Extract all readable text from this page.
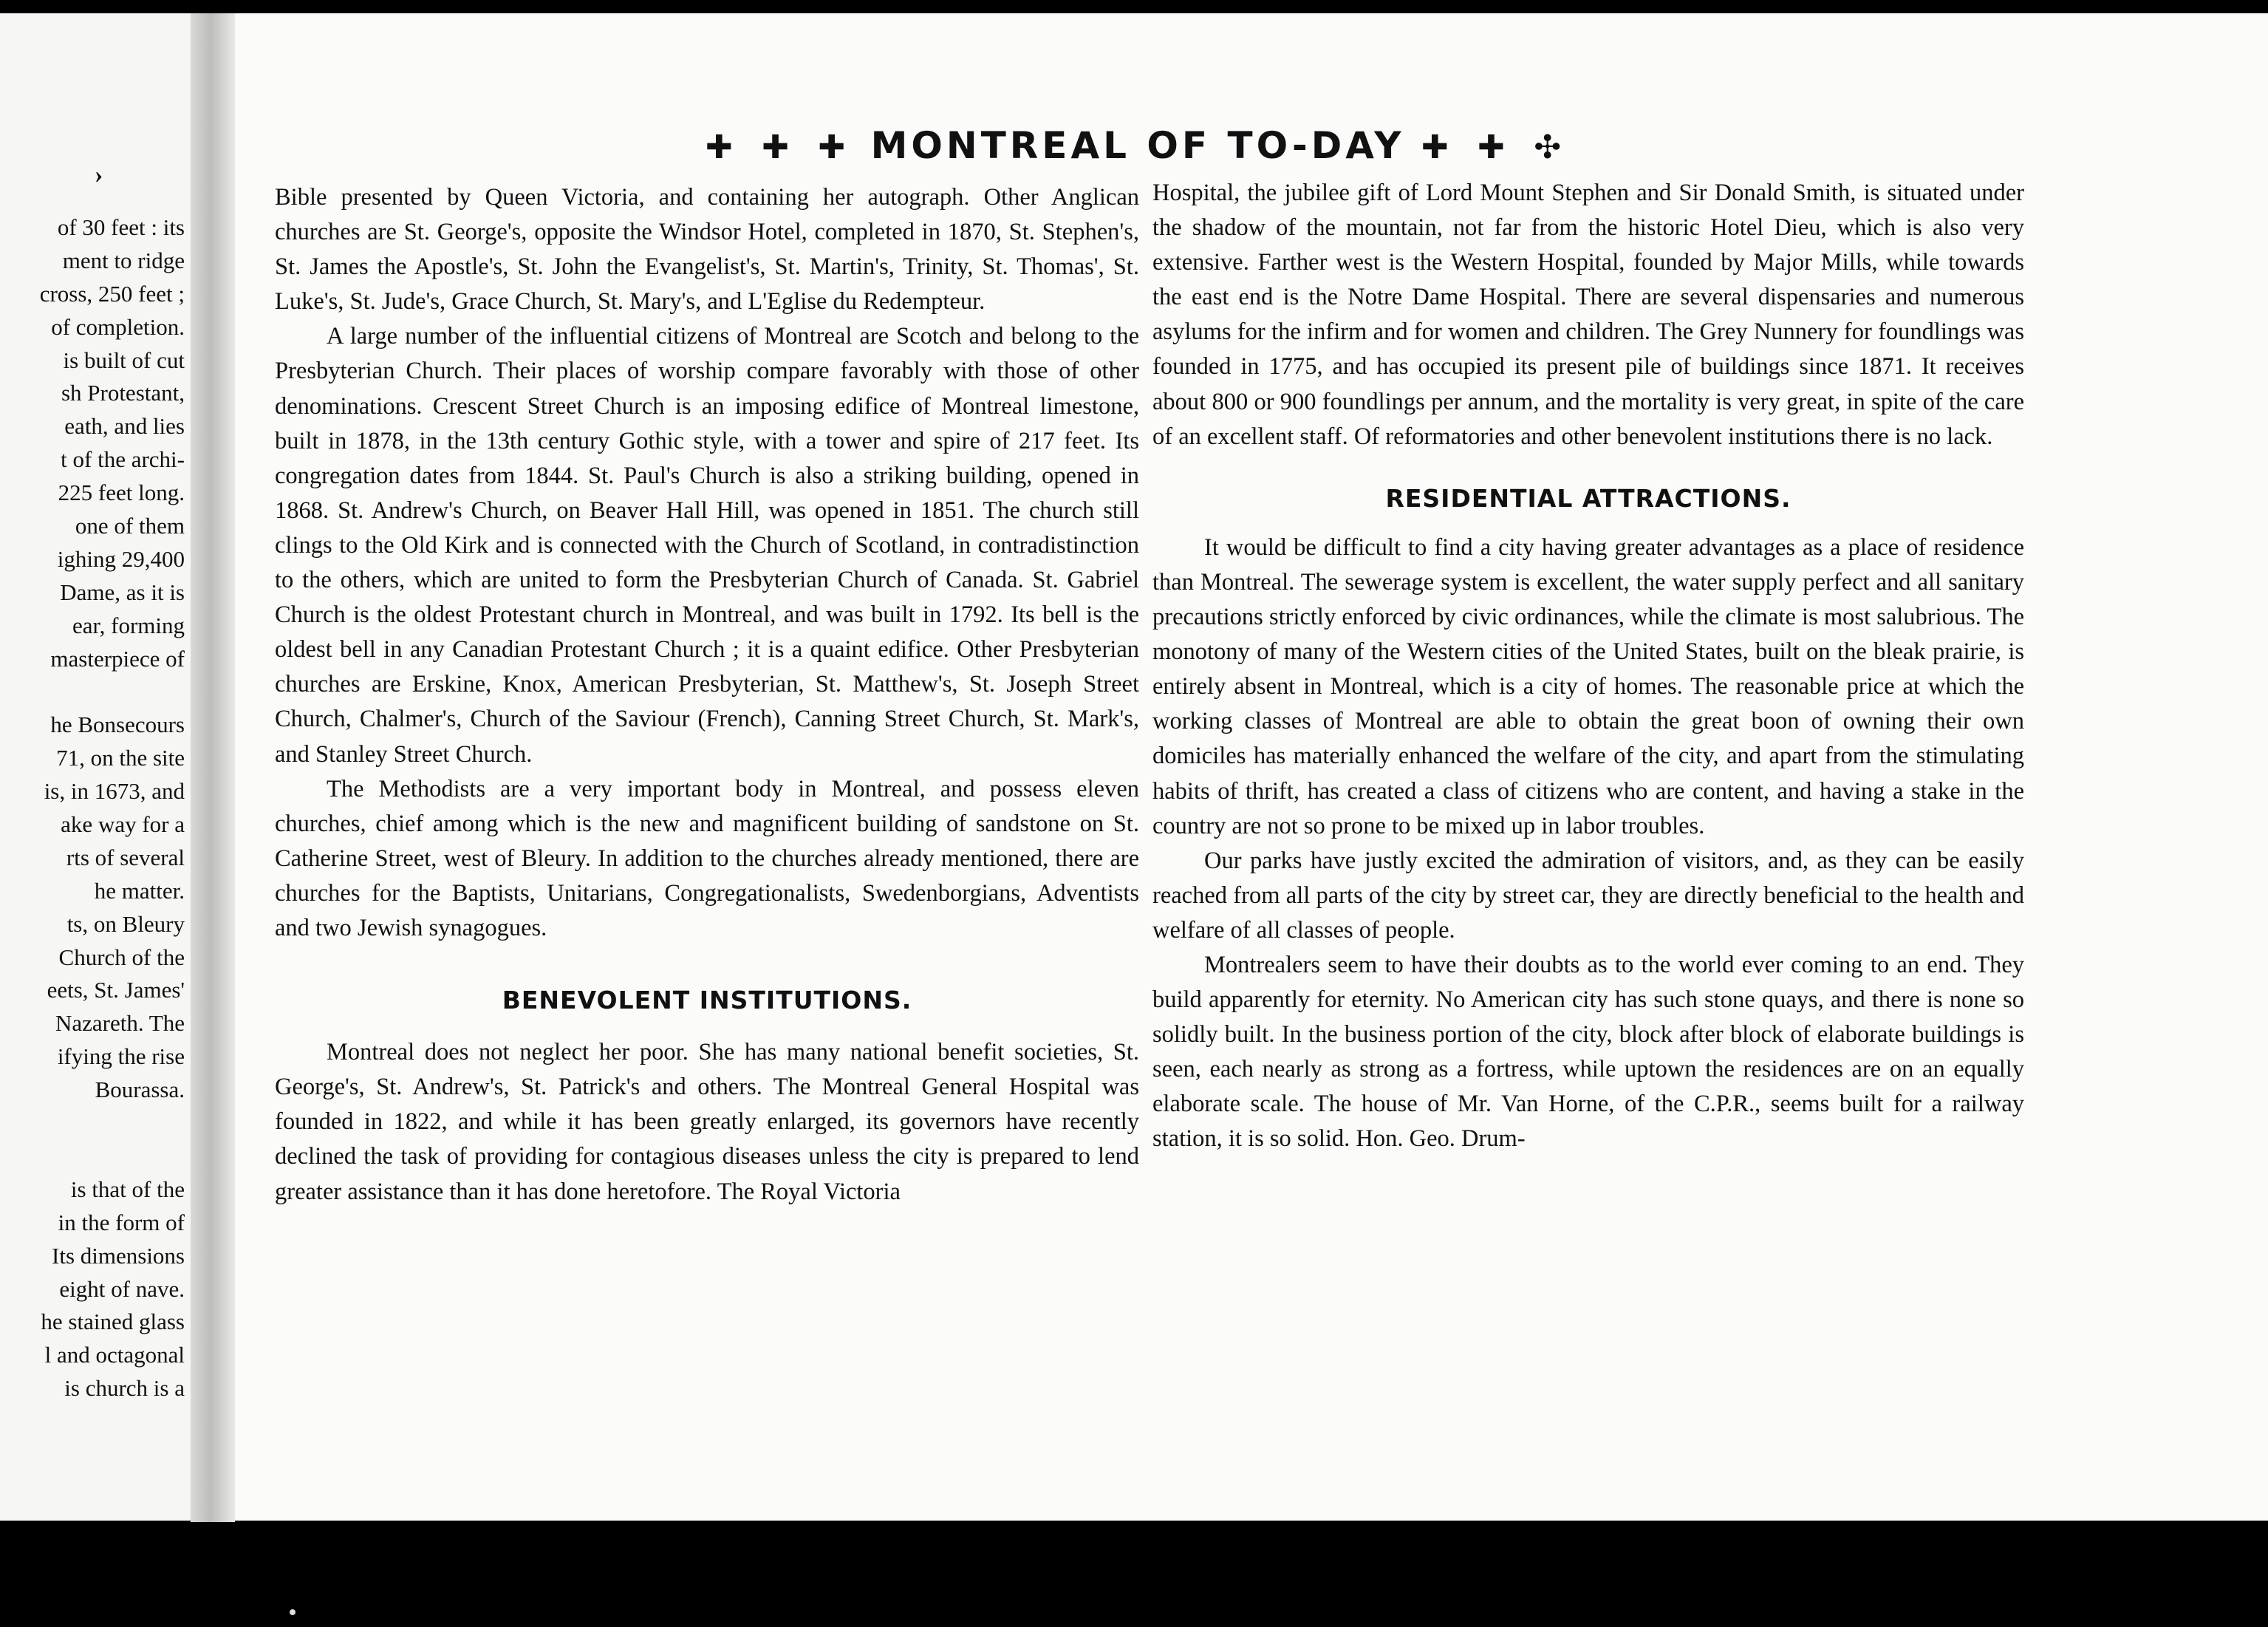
›
of 30 feet : its
ment to ridge
cross, 250 feet ;
of completion.
is built of cut
sh Protestant,
eath, and lies
t of the archi-
225 feet long.
one of them
ighing 29,400
Dame, as it is
ear, forming
masterpiece of
he Bonsecours
71, on the site
is, in 1673, and
ake way for a
rts of several
he matter.
ts, on Bleury
Church of the
eets, St. James'
Nazareth. The
ifying the rise
Bourassa.
is that of the
in the form of
Its dimensions
eight of nave.
he stained glass
l and octagonal
is church is a
✚ ✚ ✚ MONTREAL OF TO-DAY ✚ ✚ ✣

Bible presented by Queen Victoria, and containing her autograph. Other Anglican churches are St. George's, opposite the Windsor Hotel, completed in 1870, St. Stephen's, St. James the Apostle's, St. John the Evangelist's, St. Martin's, Trinity, St. Thomas', St. Luke's, St. Jude's, Grace Church, St. Mary's, and L'Eglise du Redempteur.

A large number of the influential citizens of Montreal are Scotch and belong to the Presbyterian Church. Their places of worship compare favorably with those of other denominations. Crescent Street Church is an imposing edifice of Montreal limestone, built in 1878, in the 13th century Gothic style, with a tower and spire of 217 feet. Its congregation dates from 1844. St. Paul's Church is also a striking building, opened in 1868. St. Andrew's Church, on Beaver Hall Hill, was opened in 1851. The church still clings to the Old Kirk and is connected with the Church of Scotland, in contradistinction to the others, which are united to form the Presbyterian Church of Canada. St. Gabriel Church is the oldest Protestant church in Montreal, and was built in 1792. Its bell is the oldest bell in any Canadian Protestant Church ; it is a quaint edifice. Other Presbyterian churches are Erskine, Knox, American Presbyterian, St. Matthew's, St. Joseph Street Church, Chalmer's, Church of the Saviour (French), Canning Street Church, St. Mark's, and Stanley Street Church.

The Methodists are a very important body in Montreal, and possess eleven churches, chief among which is the new and magnificent building of sandstone on St. Catherine Street, west of Bleury. In addition to the churches already mentioned, there are churches for the Baptists, Unitarians, Congregationalists, Swedenborgians, Adventists and two Jewish synagogues.

BENEVOLENT INSTITUTIONS.

Montreal does not neglect her poor. She has many national benefit societies, St. George's, St. Andrew's, St. Patrick's and others. The Montreal General Hospital was founded in 1822, and while it has been greatly enlarged, its governors have recently declined the task of providing for contagious diseases unless the city is prepared to lend greater assistance than it has done heretofore. The Royal Victoria

Hospital, the jubilee gift of Lord Mount Stephen and Sir Donald Smith, is situated under the shadow of the mountain, not far from the historic Hotel Dieu, which is also very extensive. Farther west is the Western Hospital, founded by Major Mills, while towards the east end is the Notre Dame Hospital. There are several dispensaries and numerous asylums for the infirm and for women and children. The Grey Nunnery for foundlings was founded in 1775, and has occupied its present pile of buildings since 1871. It receives about 800 or 900 foundlings per annum, and the mortality is very great, in spite of the care of an excellent staff. Of reformatories and other benevolent institutions there is no lack.

RESIDENTIAL ATTRACTIONS.

It would be difficult to find a city having greater advantages as a place of residence than Montreal. The sewerage system is excellent, the water supply perfect and all sanitary precautions strictly enforced by civic ordinances, while the climate is most salubrious. The monotony of many of the Western cities of the United States, built on the bleak prairie, is entirely absent in Montreal, which is a city of homes. The reasonable price at which the working classes of Montreal are able to obtain the great boon of owning their own domiciles has materially enhanced the welfare of the city, and apart from the stimulating habits of thrift, has created a class of citizens who are content, and having a stake in the country are not so prone to be mixed up in labor troubles.

Our parks have justly excited the admiration of visitors, and, as they can be easily reached from all parts of the city by street car, they are directly beneficial to the health and welfare of all classes of people.

Montrealers seem to have their doubts as to the world ever coming to an end. They build apparently for eternity. No American city has such stone quays, and there is none so solidly built. In the business portion of the city, block after block of elaborate buildings is seen, each nearly as strong as a fortress, while uptown the residences are on an equally elaborate scale. The house of Mr. Van Horne, of the C.P.R., seems built for a railway station, it is so solid. Hon. Geo. Drum-
